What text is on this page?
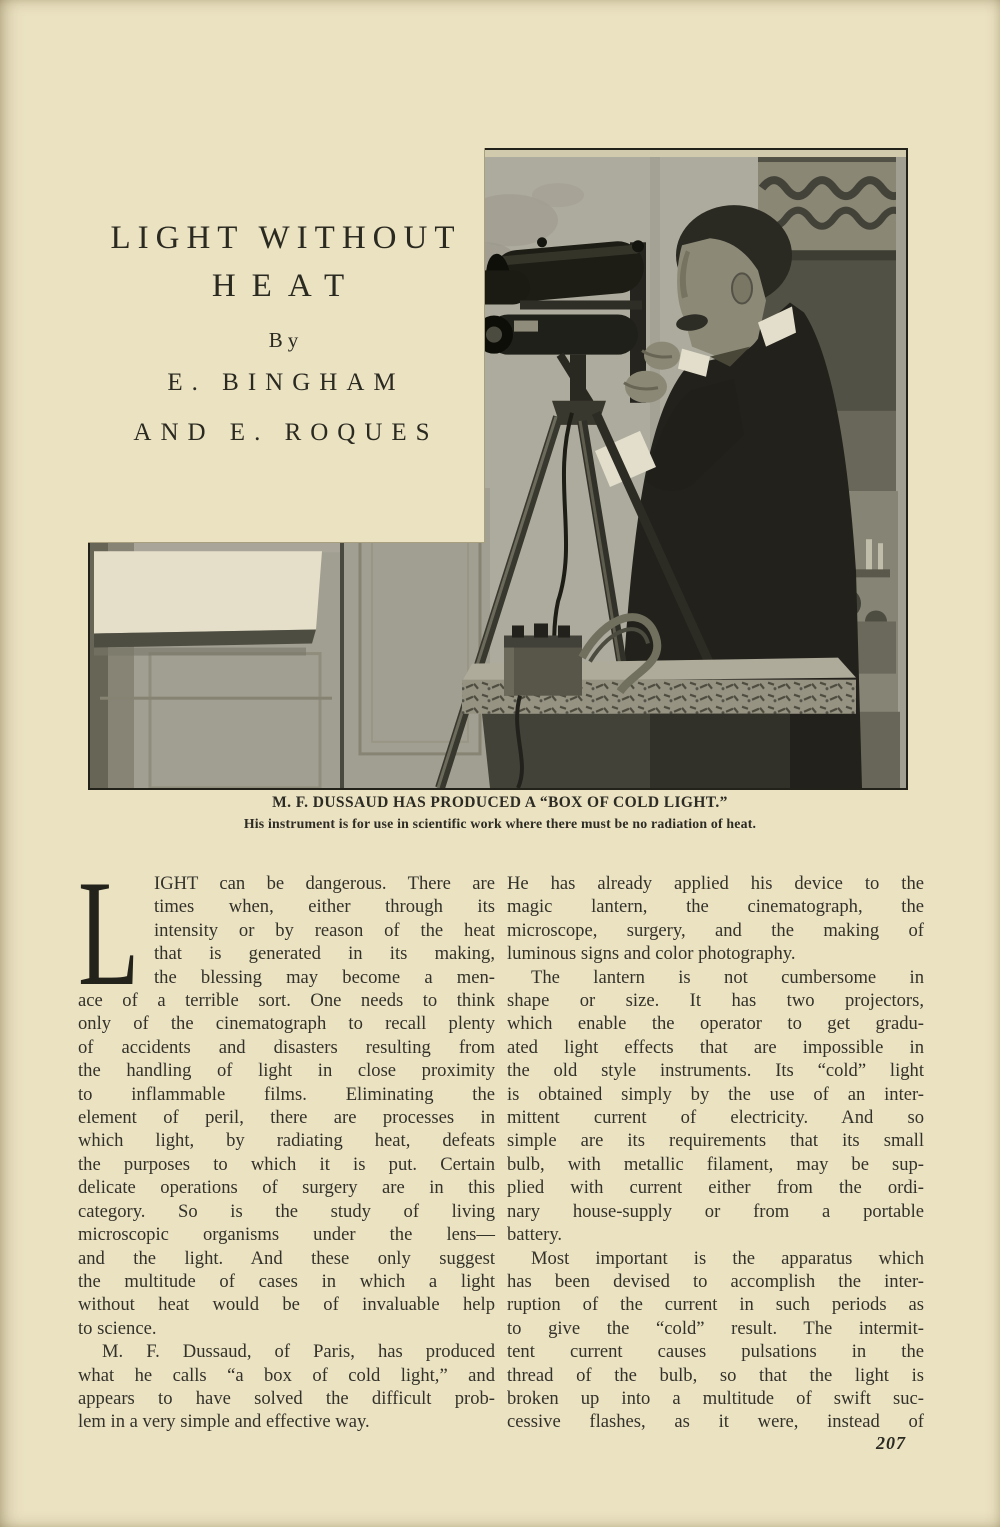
LIGHT WITHOUT
HEAT
By
E. BINGHAM
AND E. ROQUES
M. F. DUSSAUD HAS PRODUCED A “BOX OF COLD LIGHT.”
His instrument is for use in scientific work where there must be no radiation of heat.
L IGHT can be dangerous. There are
times when, either through its
intensity or by reason of the heat
that is generated in its making,
the blessing may become a men-
ace of a terrible sort. One needs to think
only of the cinematograph to recall plenty
of accidents and disasters resulting from
the handling of light in close proximity
to inflammable films. Eliminating the
element of peril, there are processes in
which light, by radiating heat, defeats
the purposes to which it is put. Certain
delicate operations of surgery are in this
category. So is the study of living
microscopic organisms under the lens—
and the light. And these only suggest
the multitude of cases in which a light
without heat would be of invaluable help
to science.
M. F. Dussaud, of Paris, has produced
what he calls “a box of cold light,” and
appears to have solved the difficult prob-
lem in a very simple and effective way.
He has already applied his device to the
magic lantern, the cinematograph, the
microscope, surgery, and the making of
luminous signs and color photography.
The lantern is not cumbersome in
shape or size. It has two projectors,
which enable the operator to get gradu-
ated light effects that are impossible in
the old style instruments. Its “cold” light
is obtained simply by the use of an inter-
mittent current of electricity. And so
simple are its requirements that its small
bulb, with metallic filament, may be sup-
plied with current either from the ordi-
nary house-supply or from a portable
battery.
Most important is the apparatus which
has been devised to accomplish the inter-
ruption of the current in such periods as
to give the “cold” result. The intermit-
tent current causes pulsations in the
thread of the bulb, so that the light is
broken up into a multitude of swift suc-
cessive flashes, as it were, instead of
207
